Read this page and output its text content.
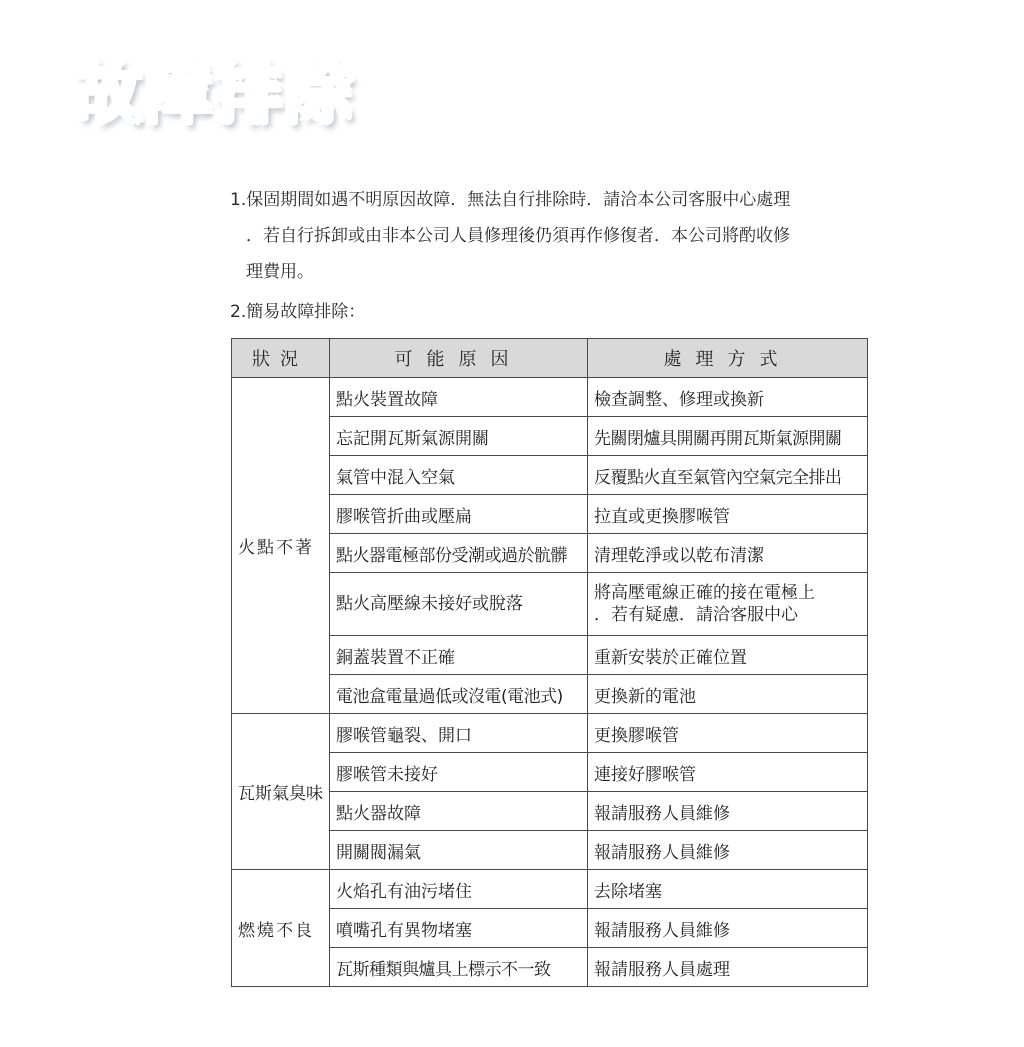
故障排除
1.保固期間如遇不明原因故障．無法自行排除時．請洽本公司客服中心處理
．若自行拆卸或由非本公司人員修理後仍須再作修復者．本公司將酌收修
理費用。
2.簡易故障排除：
狀況	可能原因	處理方式
火點不著	點火裝置故障	檢查調整、修理或換新
	忘記開瓦斯氣源開關	先關閉爐具開關再開瓦斯氣源開關
	氣管中混入空氣	反覆點火直至氣管內空氣完全排出
	膠喉管折曲或壓扁	拉直或更換膠喉管
	點火器電極部份受潮或過於骯髒	清理乾淨或以乾布清潔
	點火高壓線未接好或脫落	將高壓電線正確的接在電極上
．若有疑慮．請洽客服中心

	銅蓋裝置不正確	重新安裝於正確位置
	電池盒電量過低或沒電(電池式)	更換新的電池
瓦斯氣臭味	膠喉管龜裂、開口	更換膠喉管
	膠喉管未接好	連接好膠喉管
	點火器故障	報請服務人員維修
	開關閥漏氣	報請服務人員維修
燃燒不良	火焰孔有油污堵住	去除堵塞
	噴嘴孔有異物堵塞	報請服務人員維修
	瓦斯種類與爐具上標示不一致	報請服務人員處理
